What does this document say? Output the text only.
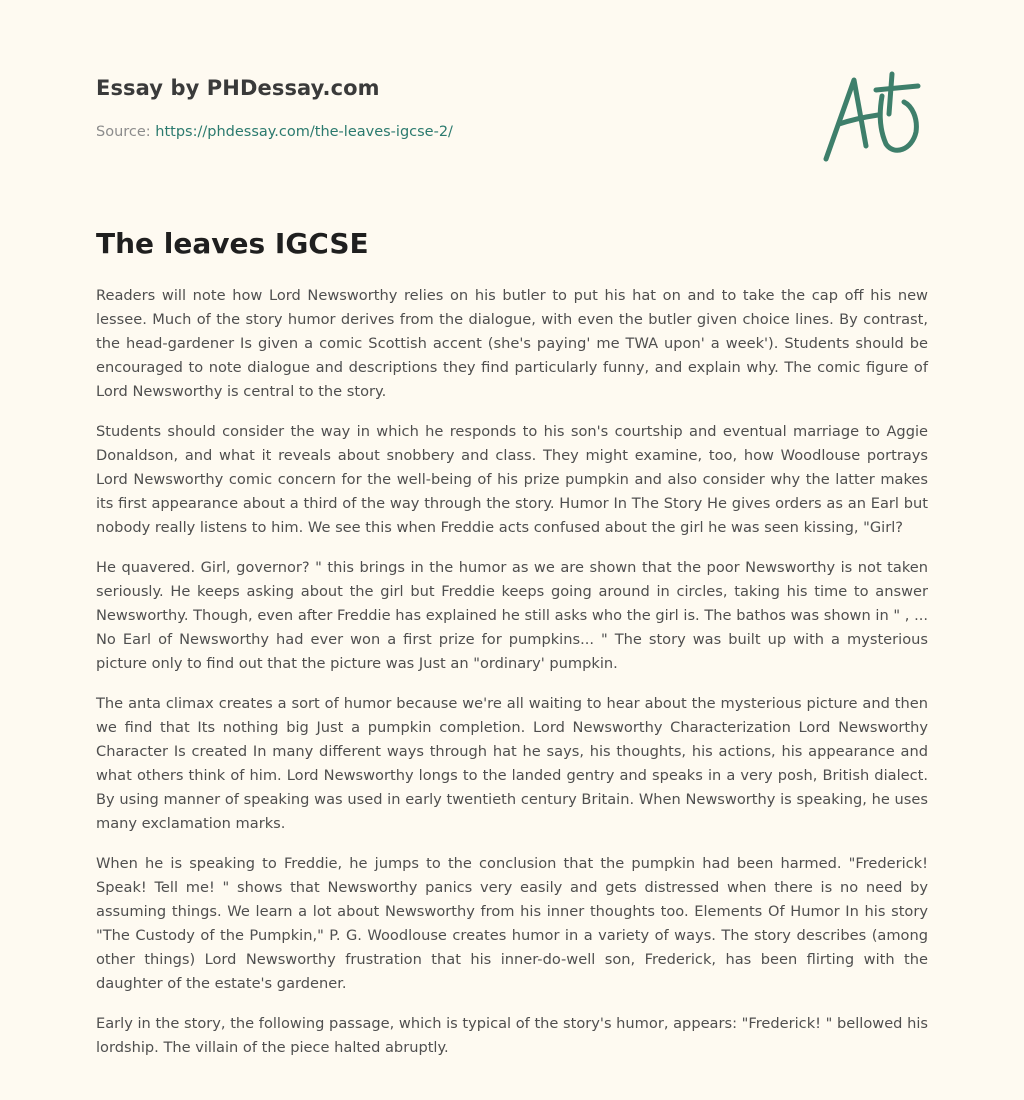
Essay by PHDessay.com
Source: https://phdessay.com/the-leaves-igcse-2/
The leaves IGCSE

Readers will note how Lord Newsworthy relies on his butler to put his hat on and to take the cap off his new lessee. Much of the story humor derives from the dialogue, with even the butler given choice lines. By contrast, the head-gardener Is given a comic Scottish accent (she's paying' me TWA upon' a week'). Students should be encouraged to note dialogue and descriptions they find particularly funny, and explain why. The comic figure of Lord Newsworthy is central to the story.

Students should consider the way in which he responds to his son's courtship and eventual marriage to Aggie Donaldson, and what it reveals about snobbery and class. They might examine, too, how Woodlouse portrays Lord Newsworthy comic concern for the well-being of his prize pumpkin and also consider why the latter makes its first appearance about a third of the way through the story. Humor In The Story He gives orders as an Earl but nobody really listens to him. We see this when Freddie acts confused about the girl he was seen kissing, "Girl?

He quavered. Girl, governor? " this brings in the humor as we are shown that the poor Newsworthy is not taken seriously. He keeps asking about the girl but Freddie keeps going around in circles, taking his time to answer Newsworthy. Though, even after Freddie has explained he still asks who the girl is. The bathos was shown in " , ... No Earl of Newsworthy had ever won a first prize for pumpkins... " The story was built up with a mysterious picture only to find out that the picture was Just an "ordinary' pumpkin.

The anta climax creates a sort of humor because we're all waiting to hear about the mysterious picture and then we find that Its nothing big Just a pumpkin completion. Lord Newsworthy Characterization Lord Newsworthy Character Is created In many different ways through hat he says, his thoughts, his actions, his appearance and what others think of him. Lord Newsworthy longs to the landed gentry and speaks in a very posh, British dialect. By using manner of speaking was used in early twentieth century Britain. When Newsworthy is speaking, he uses many exclamation marks.

When he is speaking to Freddie, he jumps to the conclusion that the pumpkin had been harmed. "Frederick! Speak! Tell me! " shows that Newsworthy panics very easily and gets distressed when there is no need by assuming things. We learn a lot about Newsworthy from his inner thoughts too. Elements Of Humor In his story "The Custody of the Pumpkin," P. G. Woodlouse creates humor in a variety of ways. The story describes (among other things) Lord Newsworthy frustration that his inner-do-well son, Frederick, has been flirting with the daughter of the estate's gardener.

Early in the story, the following passage, which is typical of the story's humor, appears: "Frederick! " bellowed his lordship. The villain of the piece halted abruptly.
